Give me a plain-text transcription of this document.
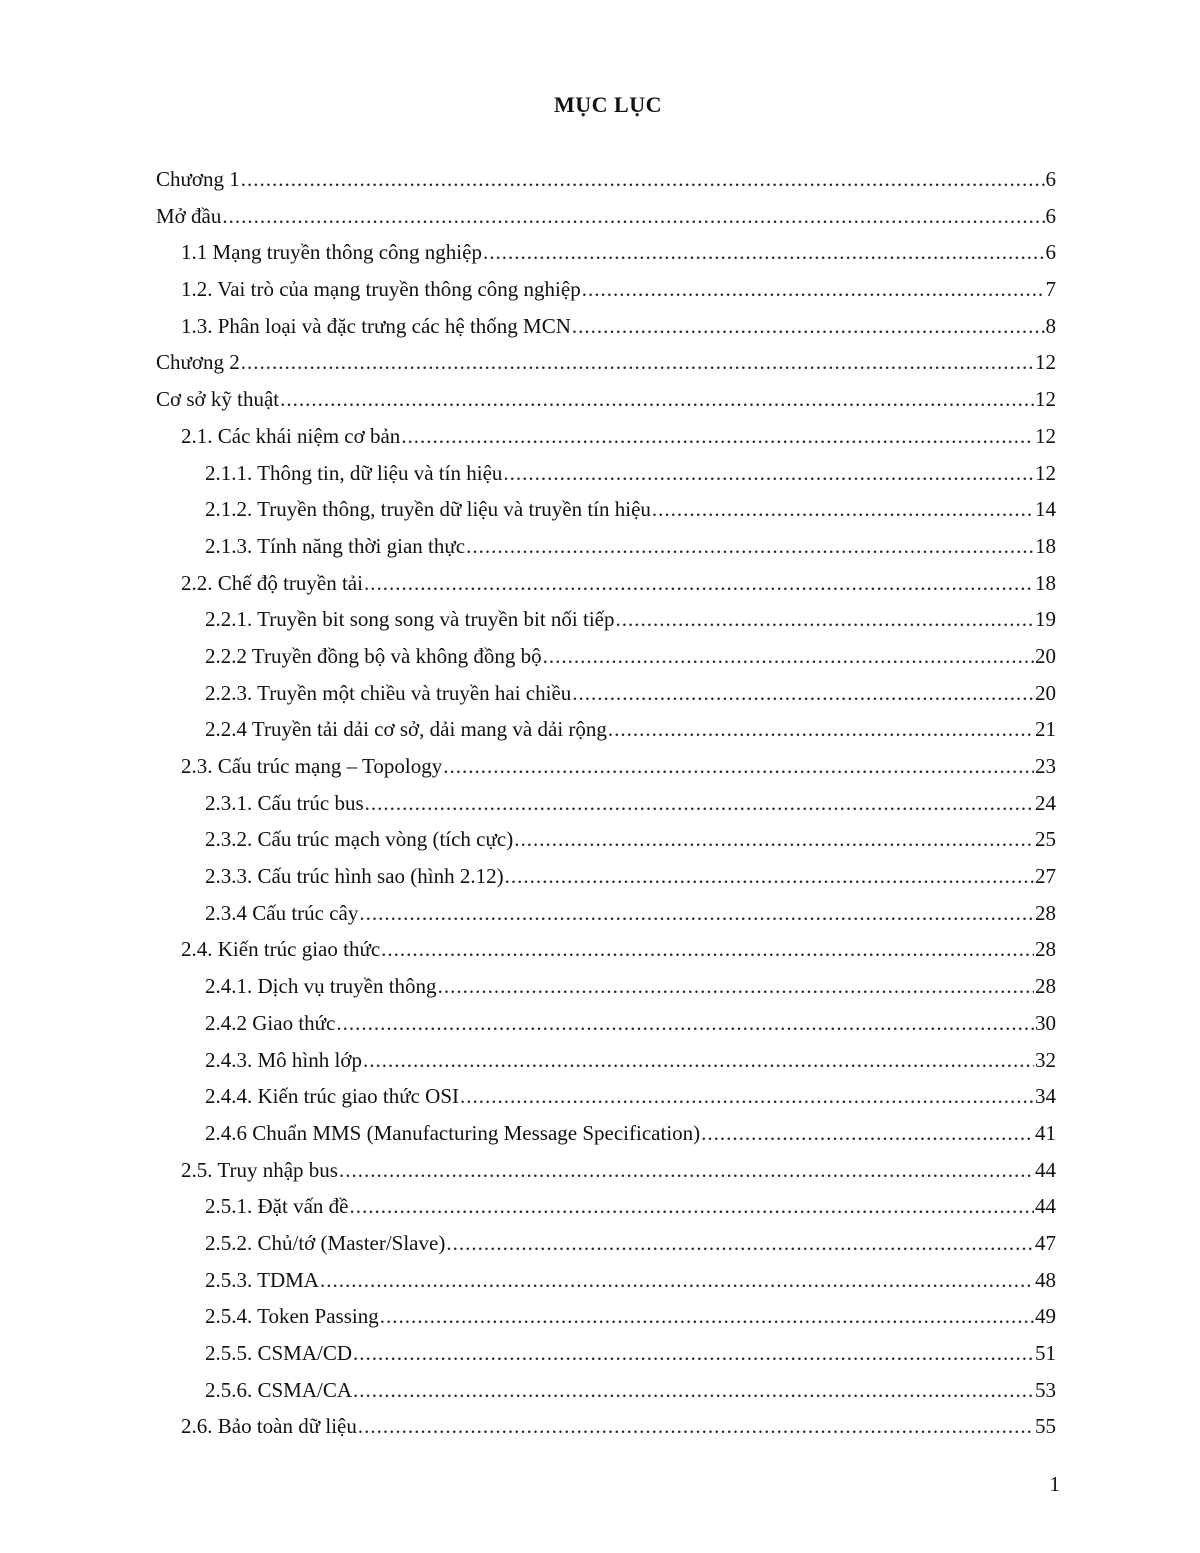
MỤC LỤC
Chương 1 .....	6
Mở đầu .....	6
1.1 Mạng truyền thông công nghiệp .....	6
1.2. Vai trò của mạng truyền thông công nghiệp .....	7
1.3. Phân loại và đặc trưng các hệ thống MCN .....	8
Chương 2 .....	12
Cơ sở kỹ thuật .....	12
2.1. Các khái niệm cơ bản .....	12
2.1.1. Thông tin, dữ liệu và tín hiệu .....	12
2.1.2. Truyền thông, truyền dữ liệu và truyền tín hiệu .....	14
2.1.3. Tính năng thời gian thực .....	18
2.2. Chế độ truyền tải .....	18
2.2.1. Truyền bit song song và truyền bit nối tiếp .....	19
2.2.2 Truyền đồng bộ và không đồng bộ .....	20
2.2.3. Truyền một chiều và truyền hai chiều .....	20
2.2.4 Truyền tải dải cơ sở, dải mang và dải rộng .....	21
2.3. Cấu trúc mạng – Topology .....	23
2.3.1. Cấu trúc bus .....	24
2.3.2. Cấu trúc mạch vòng (tích cực) .....	25
2.3.3. Cấu trúc hình sao (hình 2.12) .....	27
2.3.4 Cấu trúc cây .....	28
2.4. Kiến trúc giao thức .....	28
2.4.1. Dịch vụ truyền thông .....	28
2.4.2 Giao thức .....	30
2.4.3. Mô hình lớp .....	32
2.4.4. Kiến trúc giao thức OSI .....	34
2.4.6 Chuẩn MMS (Manufacturing Message Specification) .....	41
2.5. Truy nhập bus .....	44
2.5.1. Đặt vấn đề .....	44
2.5.2. Chủ/tớ (Master/Slave) .....	47
2.5.3. TDMA .....	48
2.5.4. Token Passing .....	49
2.5.5. CSMA/CD .....	51
2.5.6. CSMA/CA .....	53
2.6. Bảo toàn dữ liệu .....	55
1
